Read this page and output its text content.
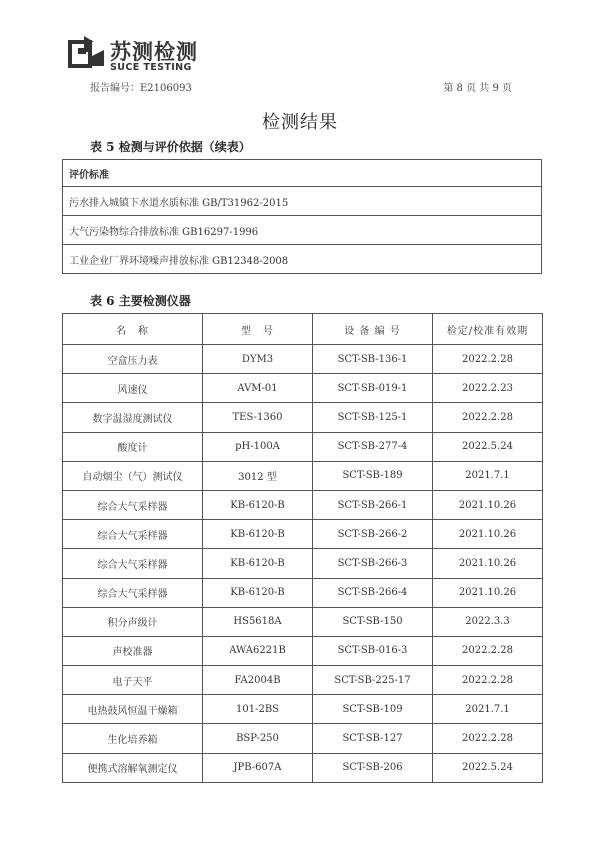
苏测检测
SUCE TESTING
报告编号：E2106093	第 8 页 共 9 页
检测结果
表 5 检测与评价依据（续表）
评价标准
污水排入城镇下水道水质标准 GB/T31962-2015
大气污染物综合排放标准 GB16297-1996
工业企业厂界环境噪声排放标准 GB12348-2008
表 6 主要检测仪器
名　称	型　号	设 备 编 号	检定/校准有效期
空盒压力表	DYM3	SCT-SB-136-1	2022.2.28
风速仪	AVM-01	SCT-SB-019-1	2022.2.23
数字温湿度测试仪	TES-1360	SCT-SB-125-1	2022.2.28
酸度计	pH-100A	SCT-SB-277-4	2022.5.24
自动烟尘（气）测试仪	3012 型	SCT-SB-189	2021.7.1
综合大气采样器	KB-6120-B	SCT-SB-266-1	2021.10.26
综合大气采样器	KB-6120-B	SCT-SB-266-2	2021.10.26
综合大气采样器	KB-6120-B	SCT-SB-266-3	2021.10.26
综合大气采样器	KB-6120-B	SCT-SB-266-4	2021.10.26
积分声级计	HS5618A	SCT-SB-150	2022.3.3
声校准器	AWA6221B	SCT-SB-016-3	2022.2.28
电子天平	FA2004B	SCT-SB-225-17	2022.2.28
电热鼓风恒温干燥箱	101-2BS	SCT-SB-109	2021.7.1
生化培养箱	BSP-250	SCT-SB-127	2022.2.28
便携式溶解氧测定仪	JPB-607A	SCT-SB-206	2022.5.24
